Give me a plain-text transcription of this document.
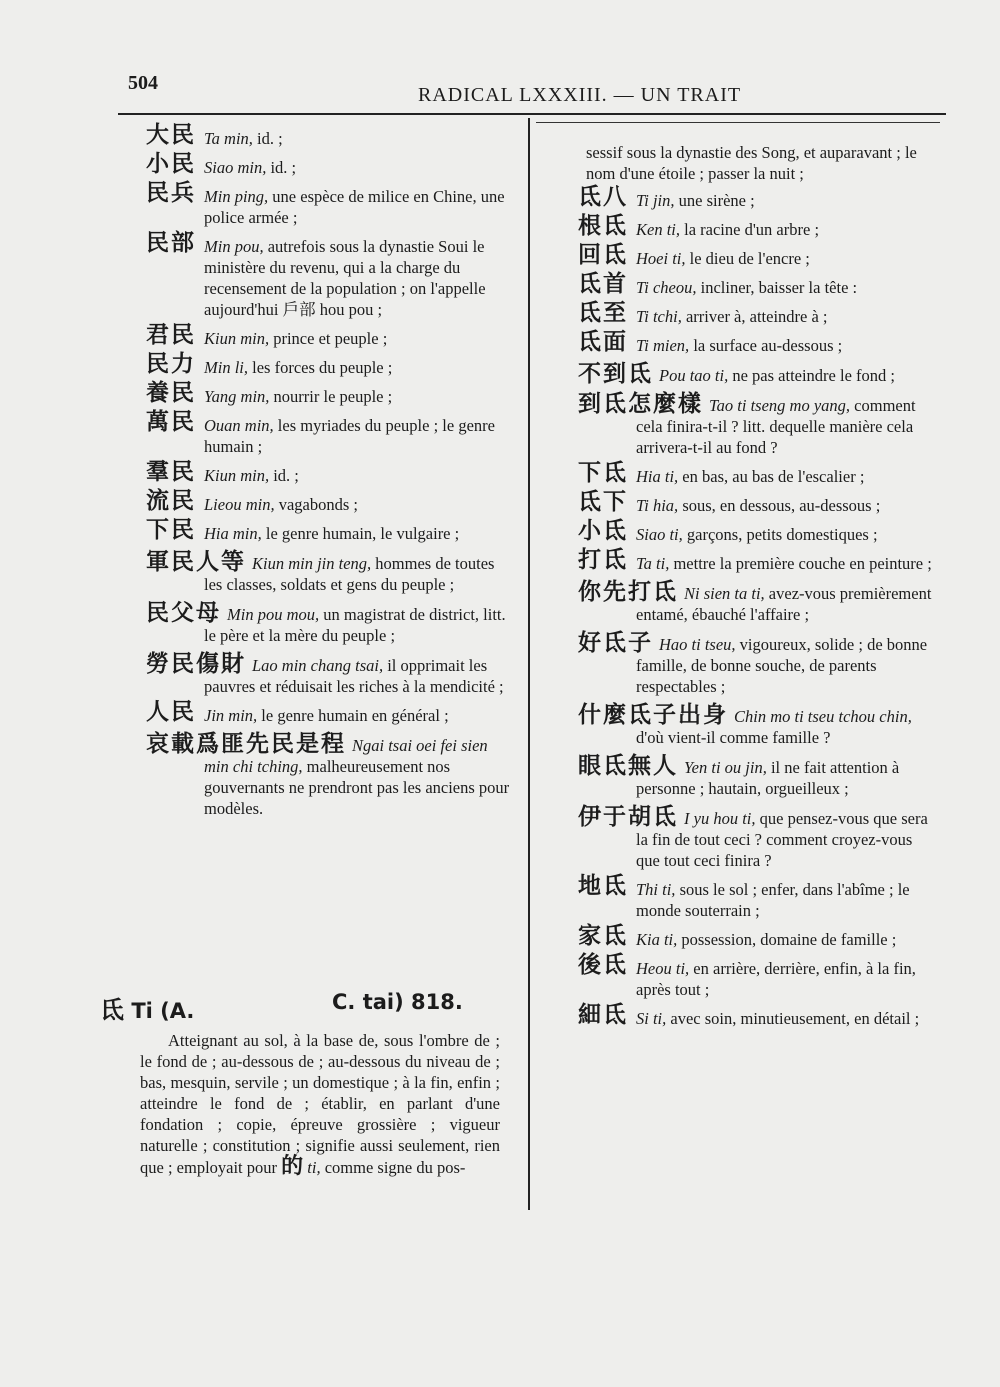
504
RADICAL LXXXIII. — UN TRAIT
大民 Ta min, id. ;
小民 Siao min, id. ;
民兵 Min ping, une espèce de milice en Chine, une police armée ;
民部 Min pou, autrefois sous la dynastie Soui le ministère du revenu, qui a la charge du recensement de la population ; on l'appelle aujourd'hui 戶部 hou pou ;
君民 Kiun min, prince et peuple ;
民力 Min li, les forces du peuple ;
養民 Yang min, nourrir le peuple ;
萬民 Ouan min, les myriades du peuple ; le genre humain ;
羣民 Kiun min, id. ;
流民 Lieou min, vagabonds ;
下民 Hia min, le genre humain, le vulgaire ;
軍民人等 Kiun min jin teng, hommes de toutes les classes, soldats et gens du peuple ;
民父母 Min pou mou, un magistrat de district, litt. le père et la mère du peuple ;
勞民傷財 Lao min chang tsai, il opprimait les pauvres et réduisait les riches à la mendicité ;
人民 Jin min, le genre humain en général ;
哀載爲匪先民是程 Ngai tsai oei fei sien min chi tching, malheureusement nos gouvernants ne prendront pas les anciens pour modèles.
氐 Ti (A.	C. tai) 818.
Atteignant au sol, à la base de, sous l'ombre de ; le fond de ; au-dessous de ; au-dessous du niveau de ; bas, mesquin, servile ; un domestique ; à la fin, enfin ; atteindre le fond de ; établir, en parlant d'une fondation ; copie, épreuve grossière ; vigueur naturelle ; constitution ; signifie aussi seulement, rien que ; employait pour 的 ti, comme signe du pos-
sessif sous la dynastie des Song, et auparavant ; le nom d'une étoile ; passer la nuit ;
氐八 Ti jin, une sirène ;
根氐 Ken ti, la racine d'un arbre ;
回氐 Hoei ti, le dieu de l'encre ;
氐首 Ti cheou, incliner, baisser la tête :
氐至 Ti tchi, arriver à, atteindre à ;
氐面 Ti mien, la surface au-dessous ;
不到氐 Pou tao ti, ne pas atteindre le fond ;
到氐怎麼樣 Tao ti tseng mo yang, comment cela finira-t-il ? litt. dequelle manière cela arrivera-t-il au fond ?
下氐 Hia ti, en bas, au bas de l'escalier ;
氐下 Ti hia, sous, en dessous, au-dessous ;
小氐 Siao ti, garçons, petits domestiques ;
打氐 Ta ti, mettre la première couche en peinture ;
你先打氐 Ni sien ta ti, avez-vous premièrement entamé, ébauché l'affaire ;
好氐子 Hao ti tseu, vigoureux, solide ; de bonne famille, de bonne souche, de parents respectables ;
什麼氐子出身 Chin mo ti tseu tchou chin, d'où vient-il comme famille ?
眼氐無人 Yen ti ou jin, il ne fait attention à personne ; hautain, orgueilleux ;
伊于胡氐 I yu hou ti, que pensez-vous que sera la fin de tout ceci ? comment croyez-vous que tout ceci finira ?
地氐 Thi ti, sous le sol ; enfer, dans l'abîme ; le monde souterrain ;
家氐 Kia ti, possession, domaine de famille ;
後氐 Heou ti, en arrière, derrière, enfin, à la fin, après tout ;
細氐 Si ti, avec soin, minutieusement, en détail ;
